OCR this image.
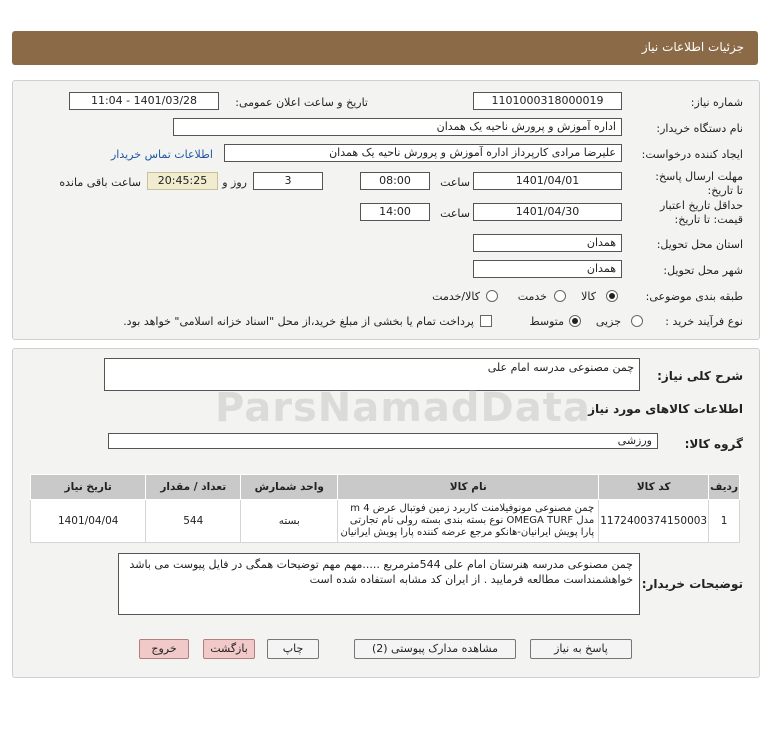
جزئیات اطلاعات نیاز
شماره نیاز:
1101000318000019
تاریخ و ساعت اعلان عمومی:
1401/03/28 - 11:04
نام دستگاه خریدار:
اداره آموزش و پرورش ناحیه یک همدان
ایجاد کننده درخواست:
علیرضا مرادی کارپرداز اداره آموزش و پرورش ناحیه یک همدان
اطلاعات تماس خریدار
مهلت ارسال پاسخ: تا تاریخ:
1401/04/01
ساعت
08:00
3
روز و
20:45:25
ساعت باقی مانده
حداقل تاریخ اعتبار قیمت: تا تاریخ:
1401/04/30
ساعت
14:00
استان محل تحویل:
همدان
شهر محل تحویل:
همدان
طبقه بندی موضوعی:
کالا
خدمت
کالا/خدمت
نوع فرآیند خرید :
جزیی
متوسط
پرداخت تمام یا بخشی از مبلغ خرید،از محل "اسناد خزانه اسلامی" خواهد بود.
شرح کلی نیاز:
چمن مصنوعی مدرسه امام علی
ParsNamadData
اطلاعات کالاهای مورد نیاز
گروه کالا:
ورزشی
ردیف	کد کالا	نام کالا	واحد شمارش	تعداد / مقدار	تاریخ نیاز
1	1172400374150003	چمن مصنوعی مونوفیلامنت کاربرد زمین فوتبال عرض 4 m مدل OMEGA TURF نوع بسته بندی بسته رولی نام تجارتی پارا پویش ایرانیان-هانکو مرجع عرضه کننده پارا پویش ایرانیان	بسته	544	1401/04/04
توضیحات خریدار:
چمن مصنوعی مدرسه هنرستان امام علی 544مترمربع .....مهم مهم توضیحات همگی در فایل پیوست می باشد خواهشمنداست مطالعه فرمایید . از ایران کد مشابه استفاده شده است
پاسخ به نیاز
مشاهده مدارک پیوستی (2)
چاپ
بازگشت
خروج
